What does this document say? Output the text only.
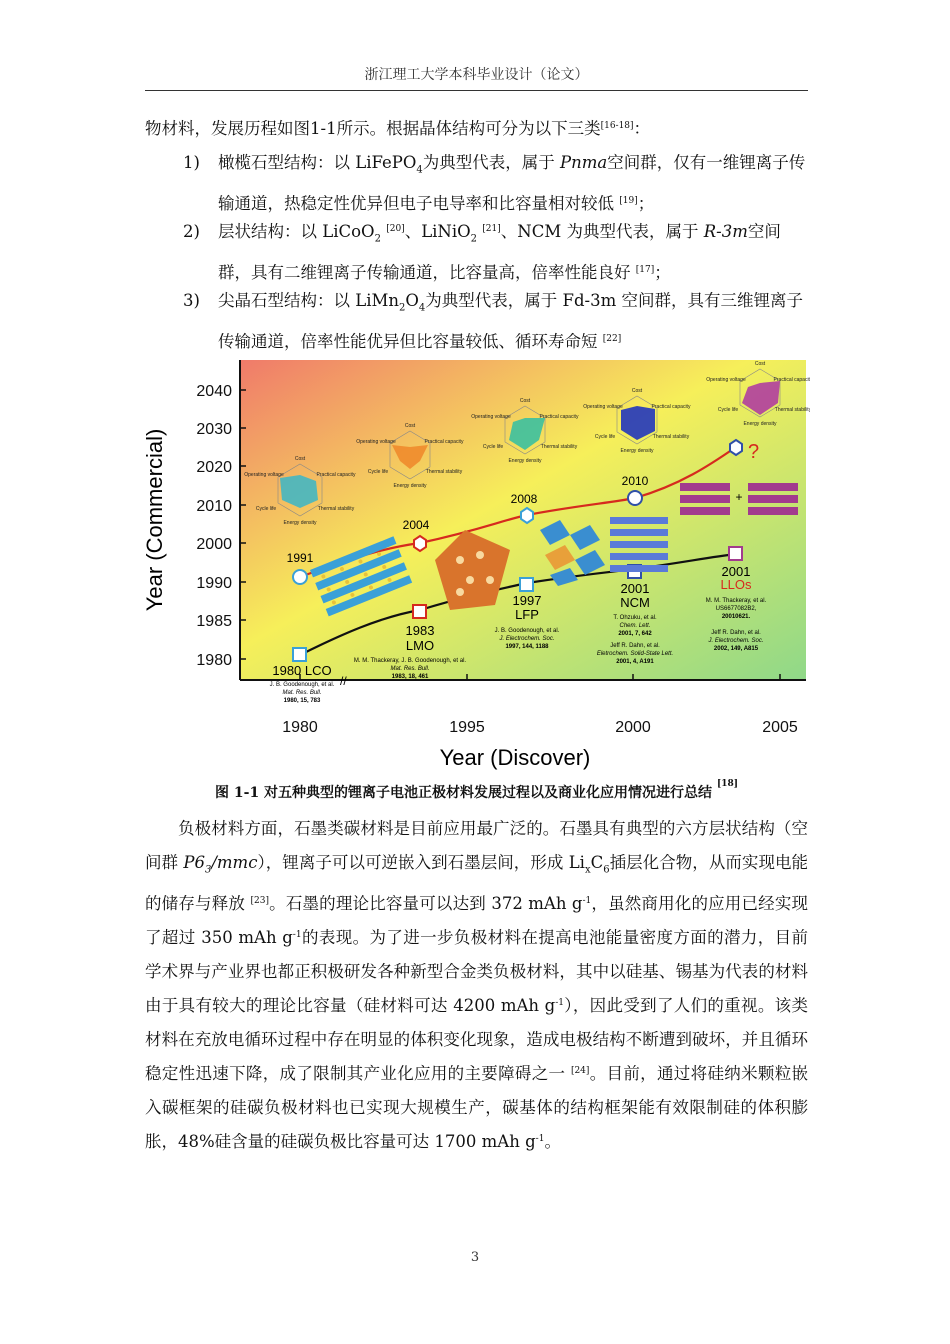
浙江理工大学本科毕业设计（论文）
物材料，发展历程如图1-1所示。根据晶体结构可分为以下三类[16-18]：
1) 橄榄石型结构：以 LiFePO$_4$为典型代表，属于 Pnma空间群，仅有一维锂离子传输通道，热稳定性优异但电子电导率和比容量相对较低 [19]；
2) 层状结构：以 LiCoO$_2$ [20]、LiNiO$_2$ [21]、NCM 为典型代表，属于 R-3m空间群，具有二维锂离子传输通道，比容量高，倍率性能良好 [17]；
3) 尖晶石型结构：以 $LiMn_2O_4$为典型代表，属于 Fd-3m 空间群，具有三维锂离子传输通道，倍率性能优异但比容量较低、循环寿命短 [22]
//
2040
2030
2020
2010
2000
1990
1985
1980
1980	1995	2000	2005
Year (Discover)
Year (Commercial)	1991
2004
2008
2010
?
Cost
Practical capacity
Thermal stability
Energy density
Cycle life
Operating voltage
Cost
Practical capacity
Thermal stability
Energy density
Cycle life
Operating voltage
Cost
Practical capacity
Thermal stability
Energy density
Cycle life
Operating voltage
Cost
Practical capacity
Thermal stability
Energy density
Cycle life
Operating voltage
Cost
Practical capacity
Thermal stability
Energy density
Cycle life
Operating voltage
+
1980 LCO
J. B. Goodenough, et al.
Mat. Res. Bull.
1980, 15, 783
1983
LMO
M. M. Thackeray, J. B. Goodenough, et al.
Mat. Res. Bull.
1983, 18, 461
1997
LFP
J. B. Goodenough, et al.
J. Electrochem. Soc.
1997, 144, 1188
2001
NCM
T. Ohzuku, et al.
Chem. Lett.
2001, 7, 642
Jeff R. Dahn, et al.
Eletrochem. Solid-State Lett.
2001, 4, A191
2001
LLOs
M. M. Thackeray, et al.
US6677082B2,
20010621.
Jeff R. Dahn, et al.
J. Electrochem. Soc.
2002, 149, A815
图 1-1 对五种典型的锂离子电池正极材料发展过程以及商业化应用情况进行总结 [18]
负极材料方面，石墨类碳材料是目前应用最广泛的。石墨具有典型的六方层状结构（空间群 $P6_3/mmc$），锂离子可以可逆嵌入到石墨层间，形成 $Li_xC_6$插层化合物，从而实现电能的储存与释放 [23]。石墨的理论比容量可以达到 372 mAh $g^{-1}$，虽然商用化的应用已经实现了超过 350 mAh $g^{-1}$的表现。为了进一步负极材料在提高电池能量密度方面的潜力，目前学术界与产业界也都正积极研发各种新型合金类负极材料，其中以硅基、锡基为代表的材料由于具有较大的理论比容量（硅材料可达 4200 mAh $g^{-1}$），因此受到了人们的重视。该类材料在充放电循环过程中存在明显的体积变化现象，造成电极结构不断遭到破坏，并且循环稳定性迅速下降，成了限制其产业化应用的主要障碍之一 [24]。目前，通过将硅纳米颗粒嵌入碳框架的硅碳负极材料也已实现大规模生产，碳基体的结构框架能有效限制硅的体积膨胀，48%硅含量的硅碳负极比容量可达 1700 mAh $g^{-1}$。
3
